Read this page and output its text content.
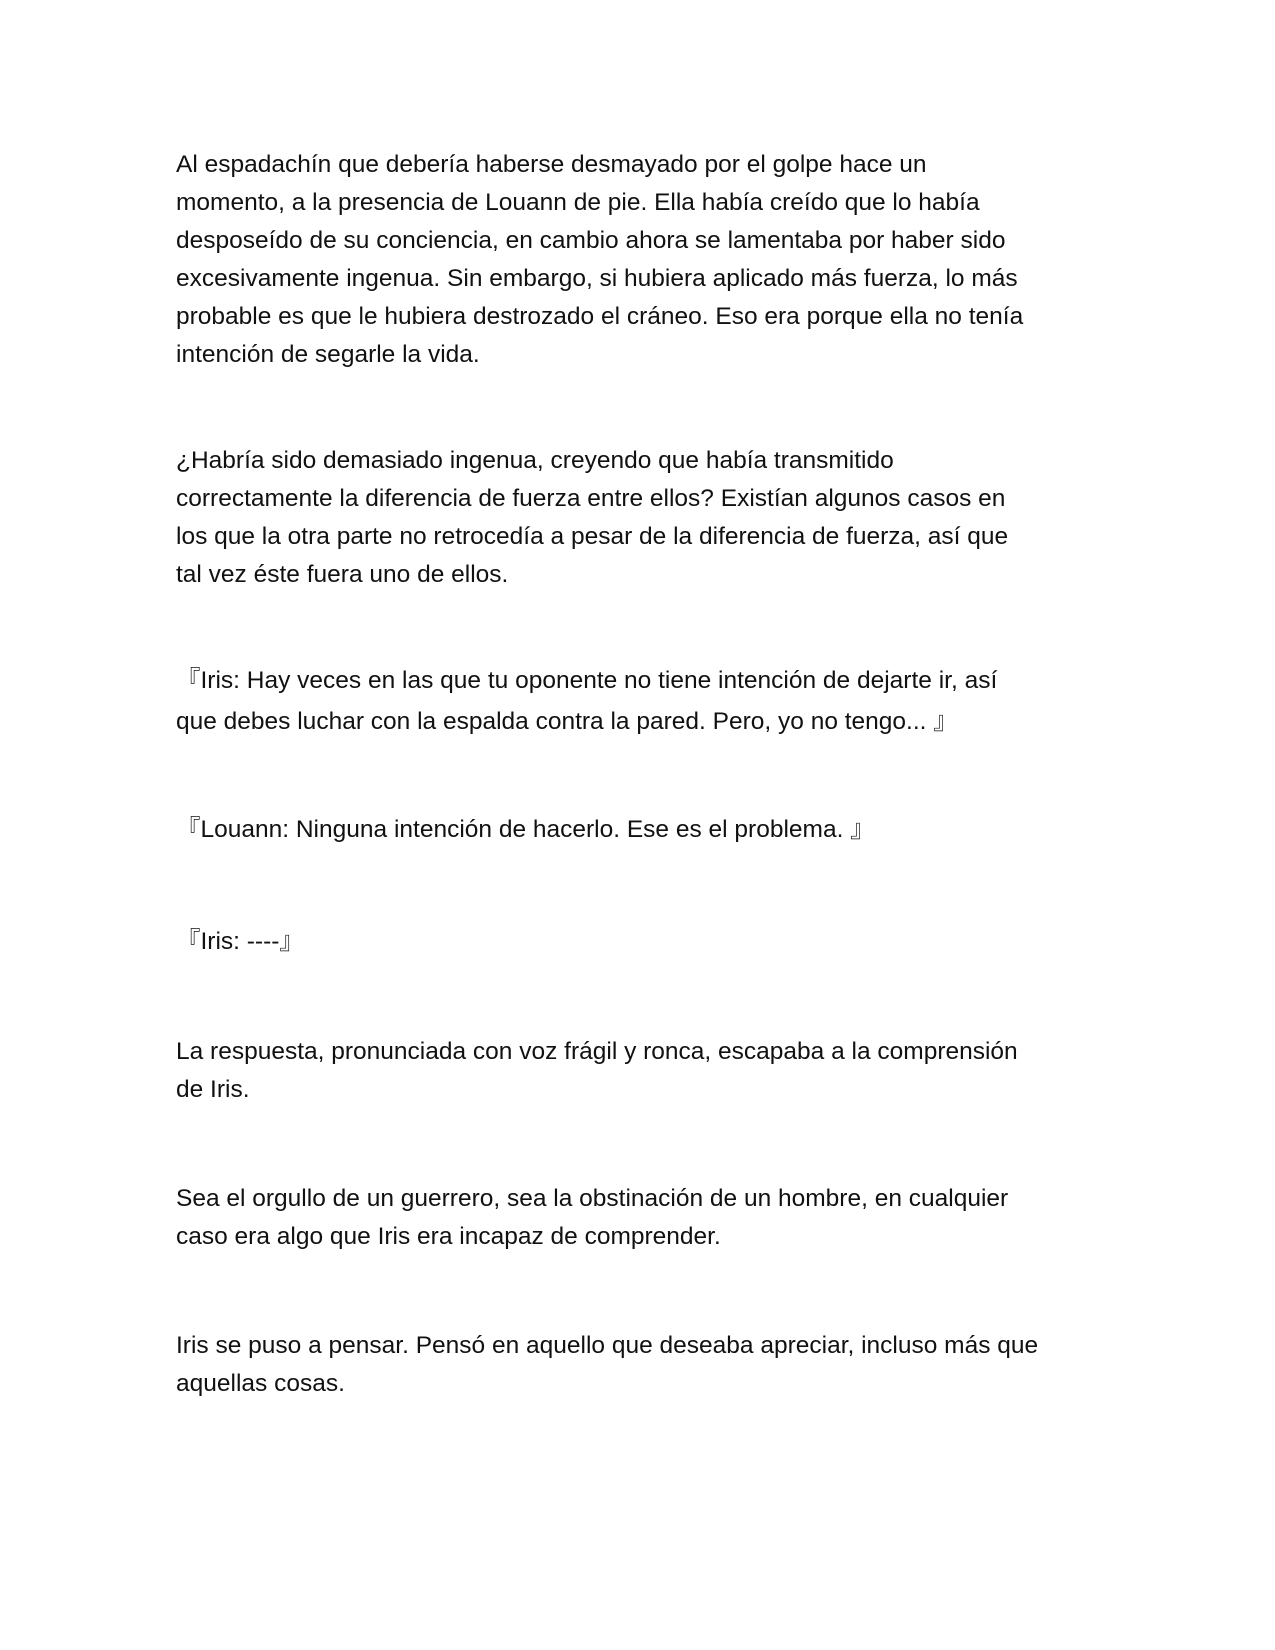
Al espadachín que debería haberse desmayado por el golpe hace un
momento, a la presencia de Louann de pie. Ella había creído que lo había
desposeído de su conciencia, en cambio ahora se lamentaba por haber sido
excesivamente ingenua. Sin embargo, si hubiera aplicado más fuerza, lo más
probable es que le hubiera destrozado el cráneo. Eso era porque ella no tenía
intención de segarle la vida.

¿Habría sido demasiado ingenua, creyendo que había transmitido
correctamente la diferencia de fuerza entre ellos? Existían algunos casos en
los que la otra parte no retrocedía a pesar de la diferencia de fuerza, así que
tal vez éste fuera uno de ellos.

『Iris: Hay veces en las que tu oponente no tiene intención de dejarte ir, así
que debes luchar con la espalda contra la pared. Pero, yo no tengo... 』

『Louann: Ninguna intención de hacerlo. Ese es el problema. 』

『Iris: ----』

La respuesta, pronunciada con voz frágil y ronca, escapaba a la comprensión
de Iris.

Sea el orgullo de un guerrero, sea la obstinación de un hombre, en cualquier
caso era algo que Iris era incapaz de comprender.

Iris se puso a pensar. Pensó en aquello que deseaba apreciar, incluso más que
aquellas cosas.
